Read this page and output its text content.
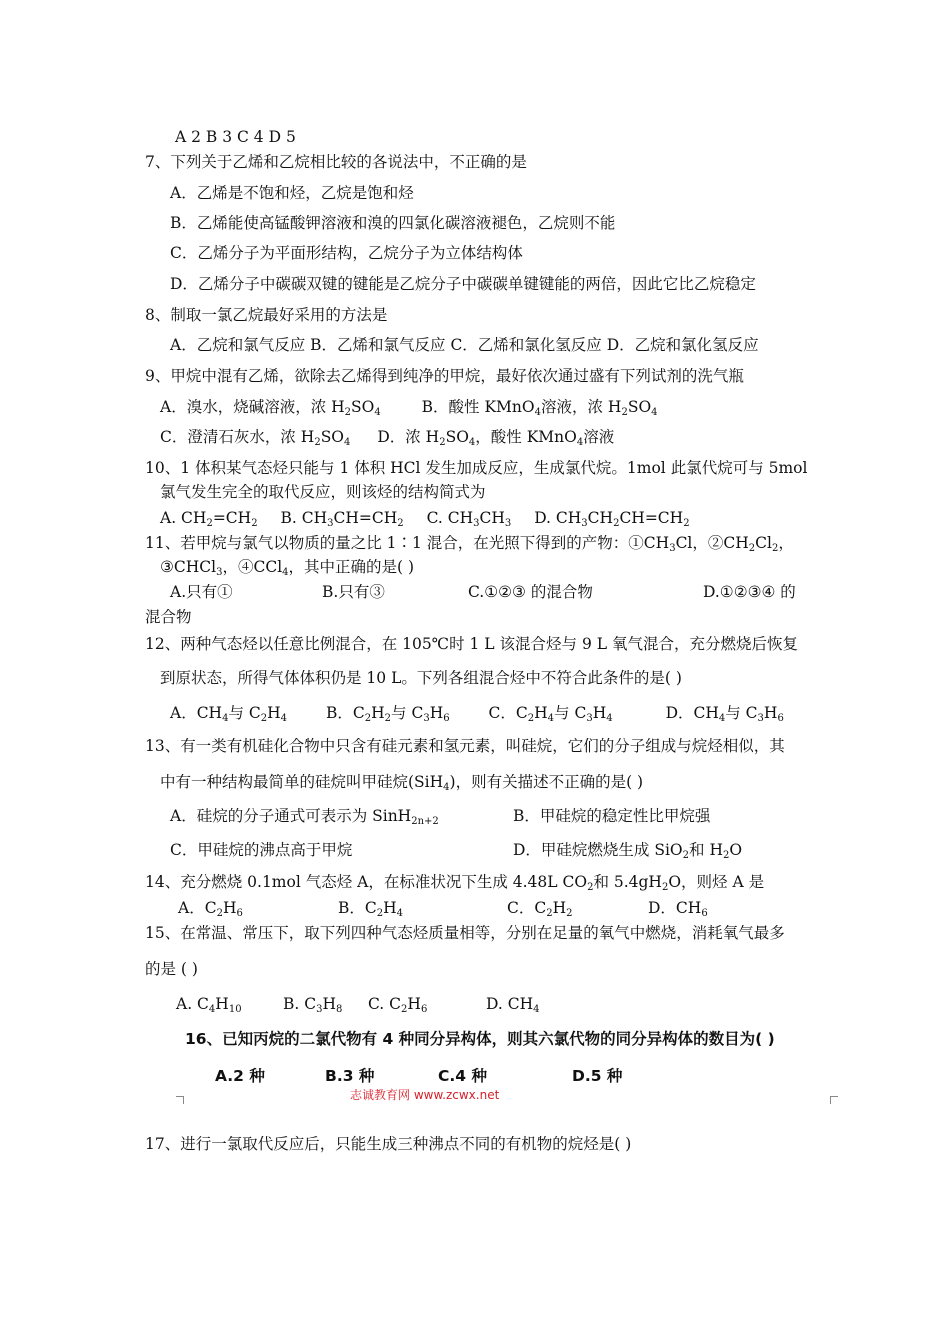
A 2 B 3 C 4 D 5
7、下列关于乙烯和乙烷相比较的各说法中，不正确的是
A．乙烯是不饱和烃，乙烷是饱和烃
B．乙烯能使高锰酸钾溶液和溴的四氯化碳溶液褪色，乙烷则不能
C．乙烯分子为平面形结构，乙烷分子为立体结构体
D．乙烯分子中碳碳双键的键能是乙烷分子中碳碳单键键能的两倍，因此它比乙烷稳定
8、制取一氯乙烷最好采用的方法是
A．乙烷和氯气反应 B．乙烯和氯气反应 C．乙烯和氯化氢反应 D．乙烷和氯化氢反应
9、甲烷中混有乙烯，欲除去乙烯得到纯净的甲烷，最好依次通过盛有下列试剂的洗气瓶
A．溴水，烧碱溶液，浓 $H_2SO_4$	B．酸性 KMnO$_4$溶液，浓 $H_2SO_4$
C．澄清石灰水，浓 $H_2SO_4$ D．浓 $H_2SO_4$，酸性 KMnO$_4$溶液
10、1 体积某气态烃只能与 1 体积 HCl 发生加成反应，生成氯代烷。1mol 此氯代烷可与 5mol
氯气发生完全的取代反应，则该烃的结构简式为
A. $CH_2=CH_2$ B. $CH_3CH=CH_2$ C. $CH_3CH_3$ D. $CH_3CH_2CH=CH_2$
11、若甲烷与氯气以物质的量之比 1∶1 混合，在光照下得到的产物：$①CH_3Cl$，$②CH_2Cl_2$，
③CHCl$_3$，④CCl$_4$，其中正确的是( )
A.只有①	B.只有③	C.①②③ 的混合物	D.①②③④ 的
混合物
12、两种气态烃以任意比例混合，在 105℃时 1 L 该混合烃与 9 L 氧气混合，充分燃烧后恢复
到原状态，所得气体体积仍是 10 L。下列各组混合烃中不符合此条件的是( )
A．$CH_4$与 $C_2H_4$	B．$C_2H_2$与 $C_3H_6$	C．$C_2H_4$与 $C_3H_4$	D．$CH_4$与 $C_3H_6$
13、有一类有机硅化合物中只含有硅元素和氢元素，叫硅烷，它们的分子组成与烷烃相似，其
中有一种结构最简单的硅烷叫甲硅烷(SiH$_4$)，则有关描述不正确的是( )
A．硅烷的分子通式可表示为 SinH$_{2n+2}$	B．甲硅烷的稳定性比甲烷强
C．甲硅烷的沸点高于甲烷	D．甲硅烷燃烧生成 SiO$_2$和 $H_2O$
14、充分燃烧 0.1mol 气态烃 A，在标准状况下生成 4.48L $CO_2$和 $5.4gH_2O$，则烃 A 是
A．$C_2H_6$	B．$C_2H_4$	C．$C_2H_2$	D．$CH_6$
15、在常温、常压下，取下列四种气态烃质量相等，分别在足量的氧气中燃烧，消耗氧气最多
的是 ( )
A. $C_4H_{10}$	B. $C_3H_8$ C. $C_2H_6$	D. $CH_4$
16、已知丙烷的二氯代物有 4 种同分异构体，则其六氯代物的同分异构体的数目为( )
A.2 种	B.3 种	C.4 种	D.5 种
志诚教育网 www.zcwx.net
17、进行一氯取代反应后，只能生成三种沸点不同的有机物的烷烃是( )
